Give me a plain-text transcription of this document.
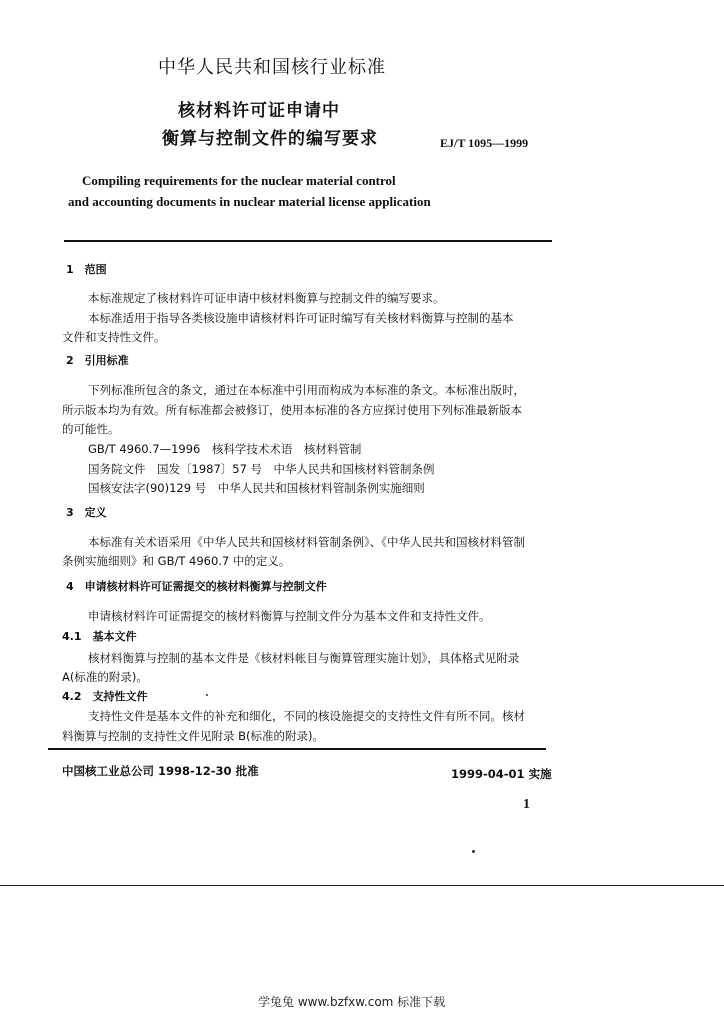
中华人民共和国核行业标准
核材料许可证申请中
衡算与控制文件的编写要求	EJ/T 1095—1999
Compiling requirements for the nuclear material control
and accounting documents in nuclear material license application
1　范围
本标准规定了核材料许可证申请中核材料衡算与控制文件的编写要求。
本标准适用于指导各类核设施申请核材料许可证时编写有关核材料衡算与控制的基本
文件和支持性文件。
2　引用标准
下列标准所包含的条文，通过在本标准中引用而构成为本标准的条文。本标准出版时，
所示版本均为有效。所有标准都会被修订，使用本标准的各方应探讨使用下列标准最新版本
的可能性。
GB/T 4960.7—1996　核科学技术术语　核材料管制
国务院文件　国发〔1987〕57 号　中华人民共和国核材料管制条例
国核安法字(90)129 号　中华人民共和国核材料管制条例实施细则
3　定义
本标准有关术语采用《中华人民共和国核材料管制条例》、《中华人民共和国核材料管制
条例实施细则》和 GB/T 4960.7 中的定义。
4　申请核材料许可证需提交的核材料衡算与控制文件
申请核材料许可证需提交的核材料衡算与控制文件分为基本文件和支持性文件。
4.1　基本文件
核材料衡算与控制的基本文件是《核材料帐目与衡算管理实施计划》，具体格式见附录
A(标准的附录)。
4.2　支持性文件
支持性文件是基本文件的补充和细化，不同的核设施提交的支持性文件有所不同。核材
料衡算与控制的支持性文件见附录 B(标准的附录)。
中国核工业总公司 1998-12-30 批准	1999-04-01 实施
1
学兔兔 www.bzfxw.com 标准下载
